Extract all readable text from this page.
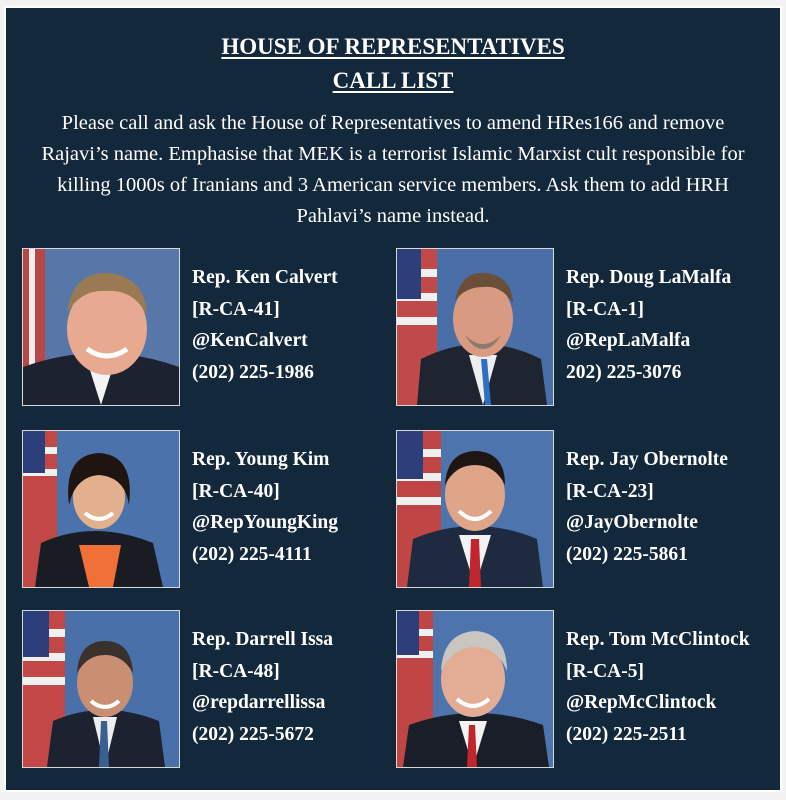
HOUSE OF REPRESENTATIVES
CALL LIST
Please call and ask the House of Representatives to amend HRes166 and remove Rajavi’s name. Emphasise that MEK is a terrorist Islamic Marxist cult responsible for killing 1000s of Iranians and 3 American service members. Ask them to add HRH Pahlavi’s name instead.
Rep. Ken Calvert
[R-CA-41]
@KenCalvert
(202) 225-1986
Rep. Doug LaMalfa
[R-CA-1]
@RepLaMalfa
202) 225-3076
Rep. Young Kim
[R-CA-40]
@RepYoungKing
(202) 225-4111
Rep. Jay Obernolte
[R-CA-23]
@JayObernolte
(202) 225-5861
Rep. Darrell Issa
[R-CA-48]
@repdarrellissa
(202) 225-5672
Rep. Tom McClintock
[R-CA-5]
@RepMcClintock
(202) 225-2511
